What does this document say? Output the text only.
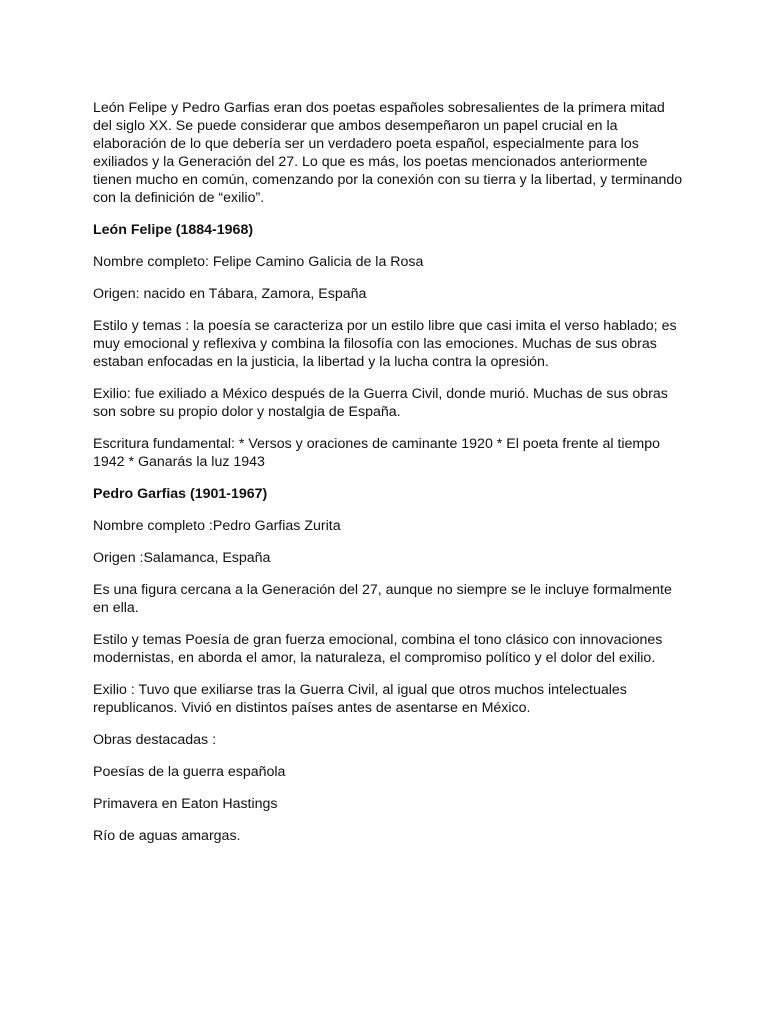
León Felipe y Pedro Garfias eran dos poetas españoles sobresalientes de la primera mitad del siglo XX. Se puede considerar que ambos desempeñaron un papel crucial en la elaboración de lo que debería ser un verdadero poeta español, especialmente para los exiliados y la Generación del 27. Lo que es más, los poetas mencionados anteriormente tienen mucho en común, comenzando por la conexión con su tierra y la libertad, y terminando con la definición de “exilio”.

León Felipe (1884-1968)

Nombre completo: Felipe Camino Galicia de la Rosa

Origen: nacido en Tábara, Zamora, España

Estilo y temas : la poesía se caracteriza por un estilo libre que casi imita el verso hablado; es muy emocional y reflexiva y combina la filosofía con las emociones. Muchas de sus obras estaban enfocadas en la justicia, la libertad y la lucha contra la opresión.

Exilio: fue exiliado a México después de la Guerra Civil, donde murió. Muchas de sus obras son sobre su propio dolor y nostalgia de España.

Escritura fundamental: * Versos y oraciones de caminante 1920 * El poeta frente al tiempo 1942 * Ganarás la luz 1943

Pedro Garfias (1901-1967)

Nombre completo :Pedro Garfias Zurita

Origen :Salamanca, España

Es una figura cercana a la Generación del 27, aunque no siempre se le incluye formalmente en ella.

Estilo y temas Poesía de gran fuerza emocional, combina el tono clásico con innovaciones modernistas, en aborda el amor, la naturaleza, el compromiso político y el dolor del exilio.

Exilio : Tuvo que exiliarse tras la Guerra Civil, al igual que otros muchos intelectuales republicanos. Vivió en distintos países antes de asentarse en México.

Obras destacadas :

Poesías de la guerra española

Primavera en Eaton Hastings

Río de aguas amargas.
